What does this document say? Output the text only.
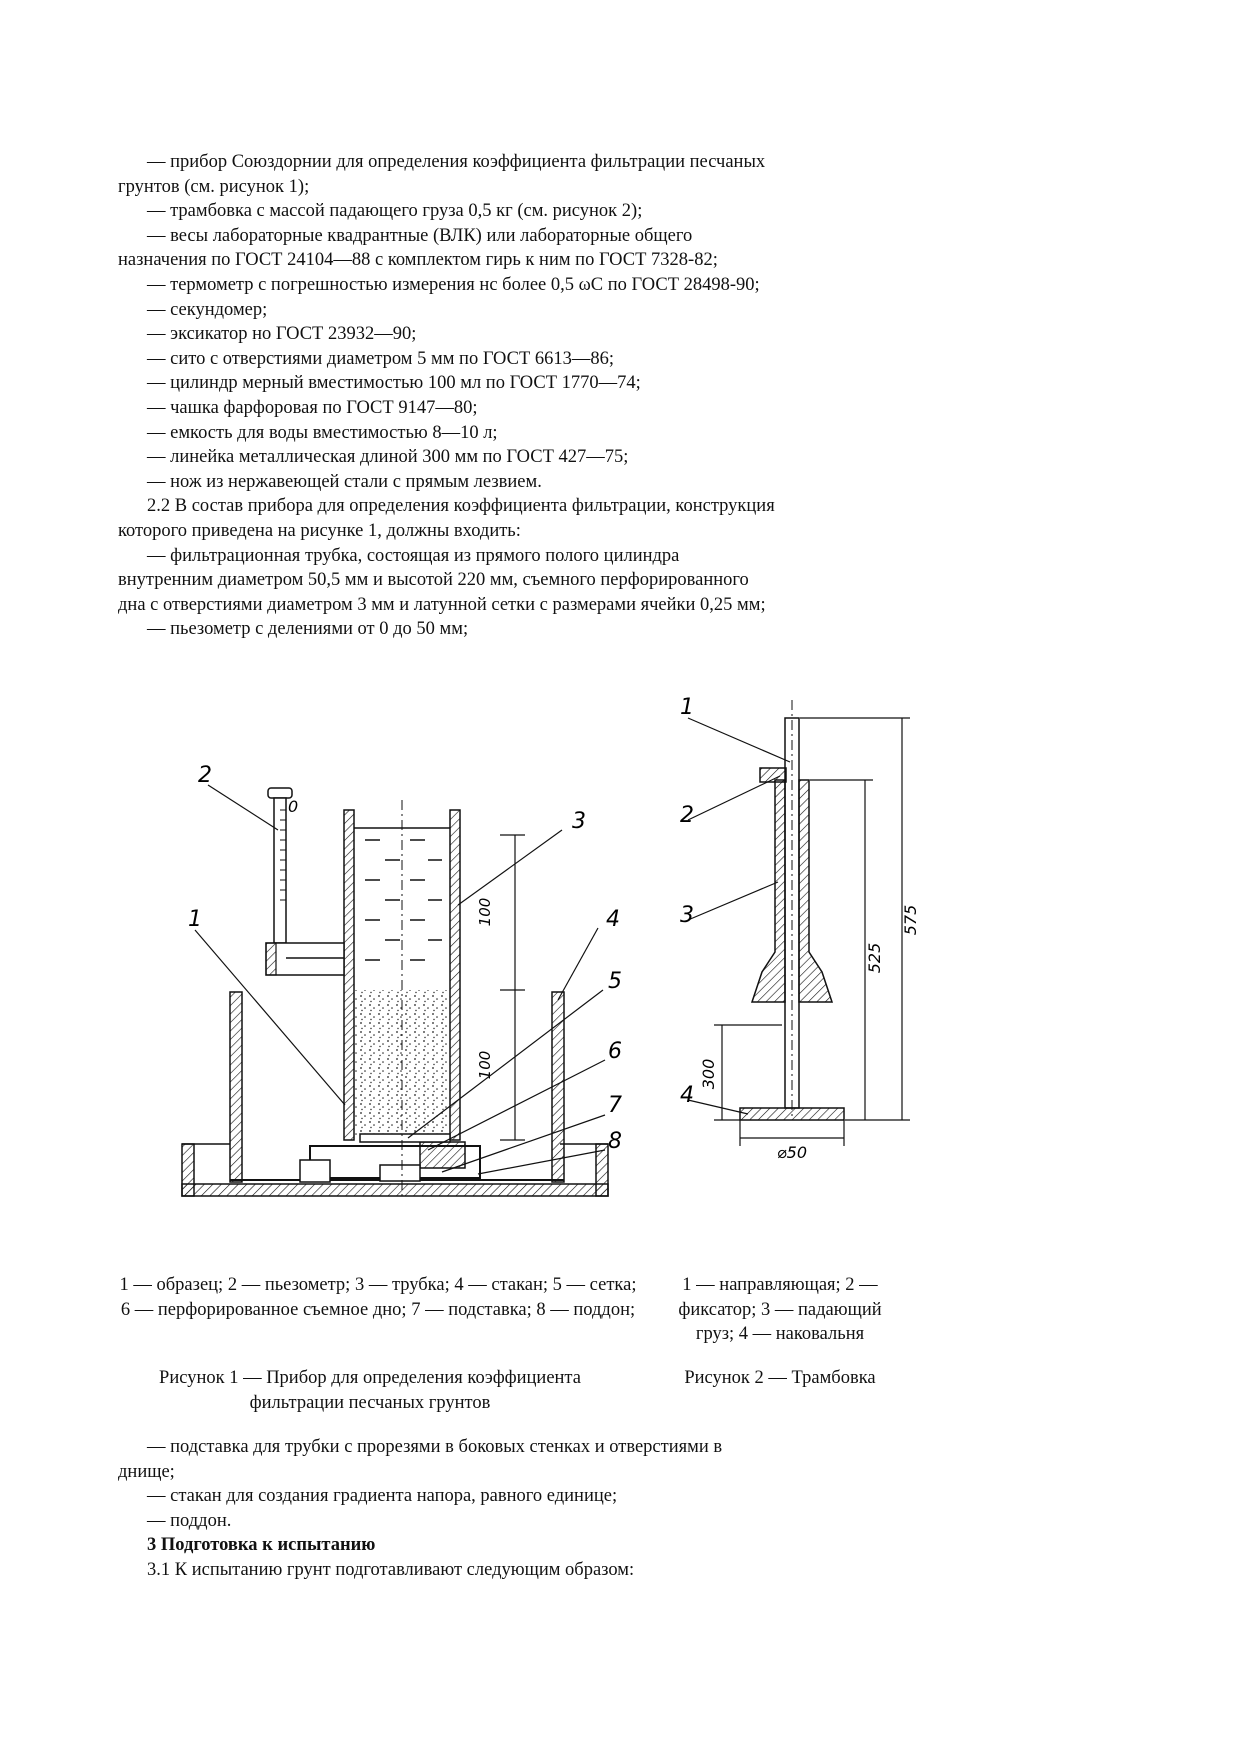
— прибор Союздорнии для определения коэффициента фильтрации песчаных грунтов (см. рисунок 1);

— трамбовка с массой падающего груза 0,5 кг (см. рисунок 2);

— весы лабораторные квадрантные (ВЛК) или лабораторные общего назначения по ГОСТ 24104—88 с комплектом гирь к ним по ГОСТ 7328-82;

— термометр с погрешностью измерения нс более 0,5 ωС по ГОСТ 28498-90;

— секундомер;

— эксикатор но ГОСТ 23932—90;

— сито с отверстиями диаметром 5 мм по ГОСТ 6613—86;

— цилиндр мерный вместимостью 100 мл по ГОСТ 1770—74;

— чашка фарфоровая по ГОСТ 9147—80;

— емкость для воды вместимостью 8—10 л;

— линейка металлическая длиной 300 мм по ГОСТ 427—75;

— нож из нержавеющей стали с прямым лезвием.

2.2 В состав прибора для определения коэффициента фильтрации, конструкция которого приведена на рисунке 1, должны входить:

— фильтрационная трубка, состоящая из прямого полого цилиндра внутренним диаметром 50,5 мм и высотой 220 мм, съемного перфорированного дна с отверстиями диаметром 3 мм и латунной сетки с размерами ячейки 0,25 мм;

— пьезометр с делениями от 0 до 50 мм;

100
100
0
2
1
3
4
5
6
7
8
575
525
300
⌀50
1
2
3
4
1 — образец; 2 — пьезометр; 3 — трубка; 4 — стакан; 5 — сетка; 6 — перфорированное съемное дно; 7 — подставка; 8 — поддон;
Рисунок 1 — Прибор для определения коэффициента фильтрации песчаных грунтов
1 — направляющая; 2 — фиксатор; 3 — падающий груз; 4 — наковальня
Рисунок 2 — Трамбовка

— подставка для трубки с прорезями в боковых стенках и отверстиями в днище;

— стакан для создания градиента напора, равного единице;

— поддон.

3 Подготовка к испытанию

3.1 К испытанию грунт подготавливают следующим образом:
